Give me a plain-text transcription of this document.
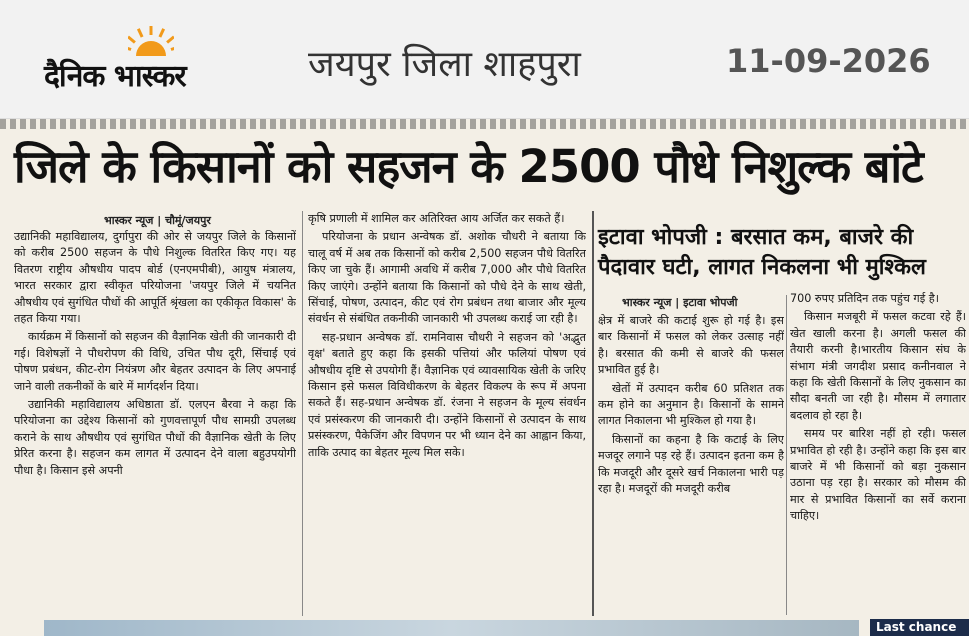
दैनिक भास्कर	जयपुर जिला शाहपुरा	11-09-2026
जिले के किसानों को सहजन के 2500 पौधे निशुल्क बांटे
भास्कर न्यूज | चौमूं/जयपुर

उद्यानिकी महाविद्यालय, दुर्गापुरा की ओर से जयपुर जिले के किसानों को करीब 2500 सहजन के पौधे निशुल्क वितरित किए गए। यह वितरण राष्ट्रीय औषधीय पादप बोर्ड (एनएमपीबी), आयुष मंत्रालय, भारत सरकार द्वारा स्वीकृत परियोजना 'जयपुर जिले में चयनित औषधीय एवं सुगंधित पौधों की आपूर्ति श्रृंखला का एकीकृत विकास' के तहत किया गया।

कार्यक्रम में किसानों को सहजन की वैज्ञानिक खेती की जानकारी दी गई। विशेषज्ञों ने पौधरोपण की विधि, उचित पौध दूरी, सिंचाई एवं पोषण प्रबंधन, कीट-रोग नियंत्रण और बेहतर उत्पादन के लिए अपनाई जाने वाली तकनीकों के बारे में मार्गदर्शन दिया।

उद्यानिकी महाविद्यालय अधिष्ठाता डॉ. एलएन बैरवा ने कहा कि परियोजना का उद्देश्य किसानों को गुणवत्तापूर्ण पौध सामग्री उपलब्ध कराने के साथ औषधीय एवं सुगंधित पौधों की वैज्ञानिक खेती के लिए प्रेरित करना है। सहजन कम लागत में उत्पादन देने वाला बहुउपयोगी पौधा है। किसान इसे अपनी

कृषि प्रणाली में शामिल कर अतिरिक्त आय अर्जित कर सकते हैं।

परियोजना के प्रधान अन्वेषक डॉ. अशोक चौधरी ने बताया कि चालू वर्ष में अब तक किसानों को करीब 2,500 सहजन पौधे वितरित किए जा चुके हैं। आगामी अवधि में करीब 7,000 और पौधे वितरित किए जाएंगे। उन्होंने बताया कि किसानों को पौधे देने के साथ खेती, सिंचाई, पोषण, उत्पादन, कीट एवं रोग प्रबंधन तथा बाजार और मूल्य संवर्धन से संबंधित तकनीकी जानकारी भी उपलब्ध कराई जा रही है।

सह-प्रधान अन्वेषक डॉ. रामनिवास चौधरी ने सहजन को 'अद्भुत वृक्ष' बताते हुए कहा कि इसकी पत्तियां और फलियां पोषण एवं औषधीय दृष्टि से उपयोगी हैं। वैज्ञानिक एवं व्यावसायिक खेती के जरिए किसान इसे फसल विविधीकरण के बेहतर विकल्प के रूप में अपना सकते हैं। सह-प्रधान अन्वेषक डॉ. रंजना ने सहजन के मूल्य संवर्धन एवं प्रसंस्करण की जानकारी दी। उन्होंने किसानों से उत्पादन के साथ प्रसंस्करण, पैकेजिंग और विपणन पर भी ध्यान देने का आह्वान किया, ताकि उत्पाद का बेहतर मूल्य मिल सके।

इटावा भोपजी : बरसात कम, बाजरे की
पैदावार घटी, लागत निकलना भी मुश्किल
भास्कर न्यूज | इटावा भोपजी

क्षेत्र में बाजरे की कटाई शुरू हो गई है। इस बार किसानों में फसल को लेकर उत्साह नहीं है। बरसात की कमी से बाजरे की फसल प्रभावित हुई है।

खेतों में उत्पादन करीब 60 प्रतिशत तक कम होने का अनुमान है। किसानों के सामने लागत निकालना भी मुश्किल हो गया है।

किसानों का कहना है कि कटाई के लिए मजदूर लगाने पड़ रहे हैं। उत्पादन इतना कम है कि मजदूरी और दूसरे खर्च निकालना भारी पड़ रहा है। मजदूरों की मजदूरी करीब

700 रुपए प्रतिदिन तक पहुंच गई है।

किसान मजबूरी में फसल कटवा रहे हैं। खेत खाली करना है। अगली फसल की तैयारी करनी है।भारतीय किसान संघ के संभाग मंत्री जगदीश प्रसाद कनीनवाल ने कहा कि खेती किसानों के लिए नुकसान का सौदा बनती जा रही है। मौसम में लगातार बदलाव हो रहा है।

समय पर बारिश नहीं हो रही। फसल प्रभावित हो रही है। उन्होंने कहा कि इस बार बाजरे में भी किसानों को बड़ा नुकसान उठाना पड़ रहा है। सरकार को मौसम की मार से प्रभावित किसानों का सर्वे कराना चाहिए।

Last chance
